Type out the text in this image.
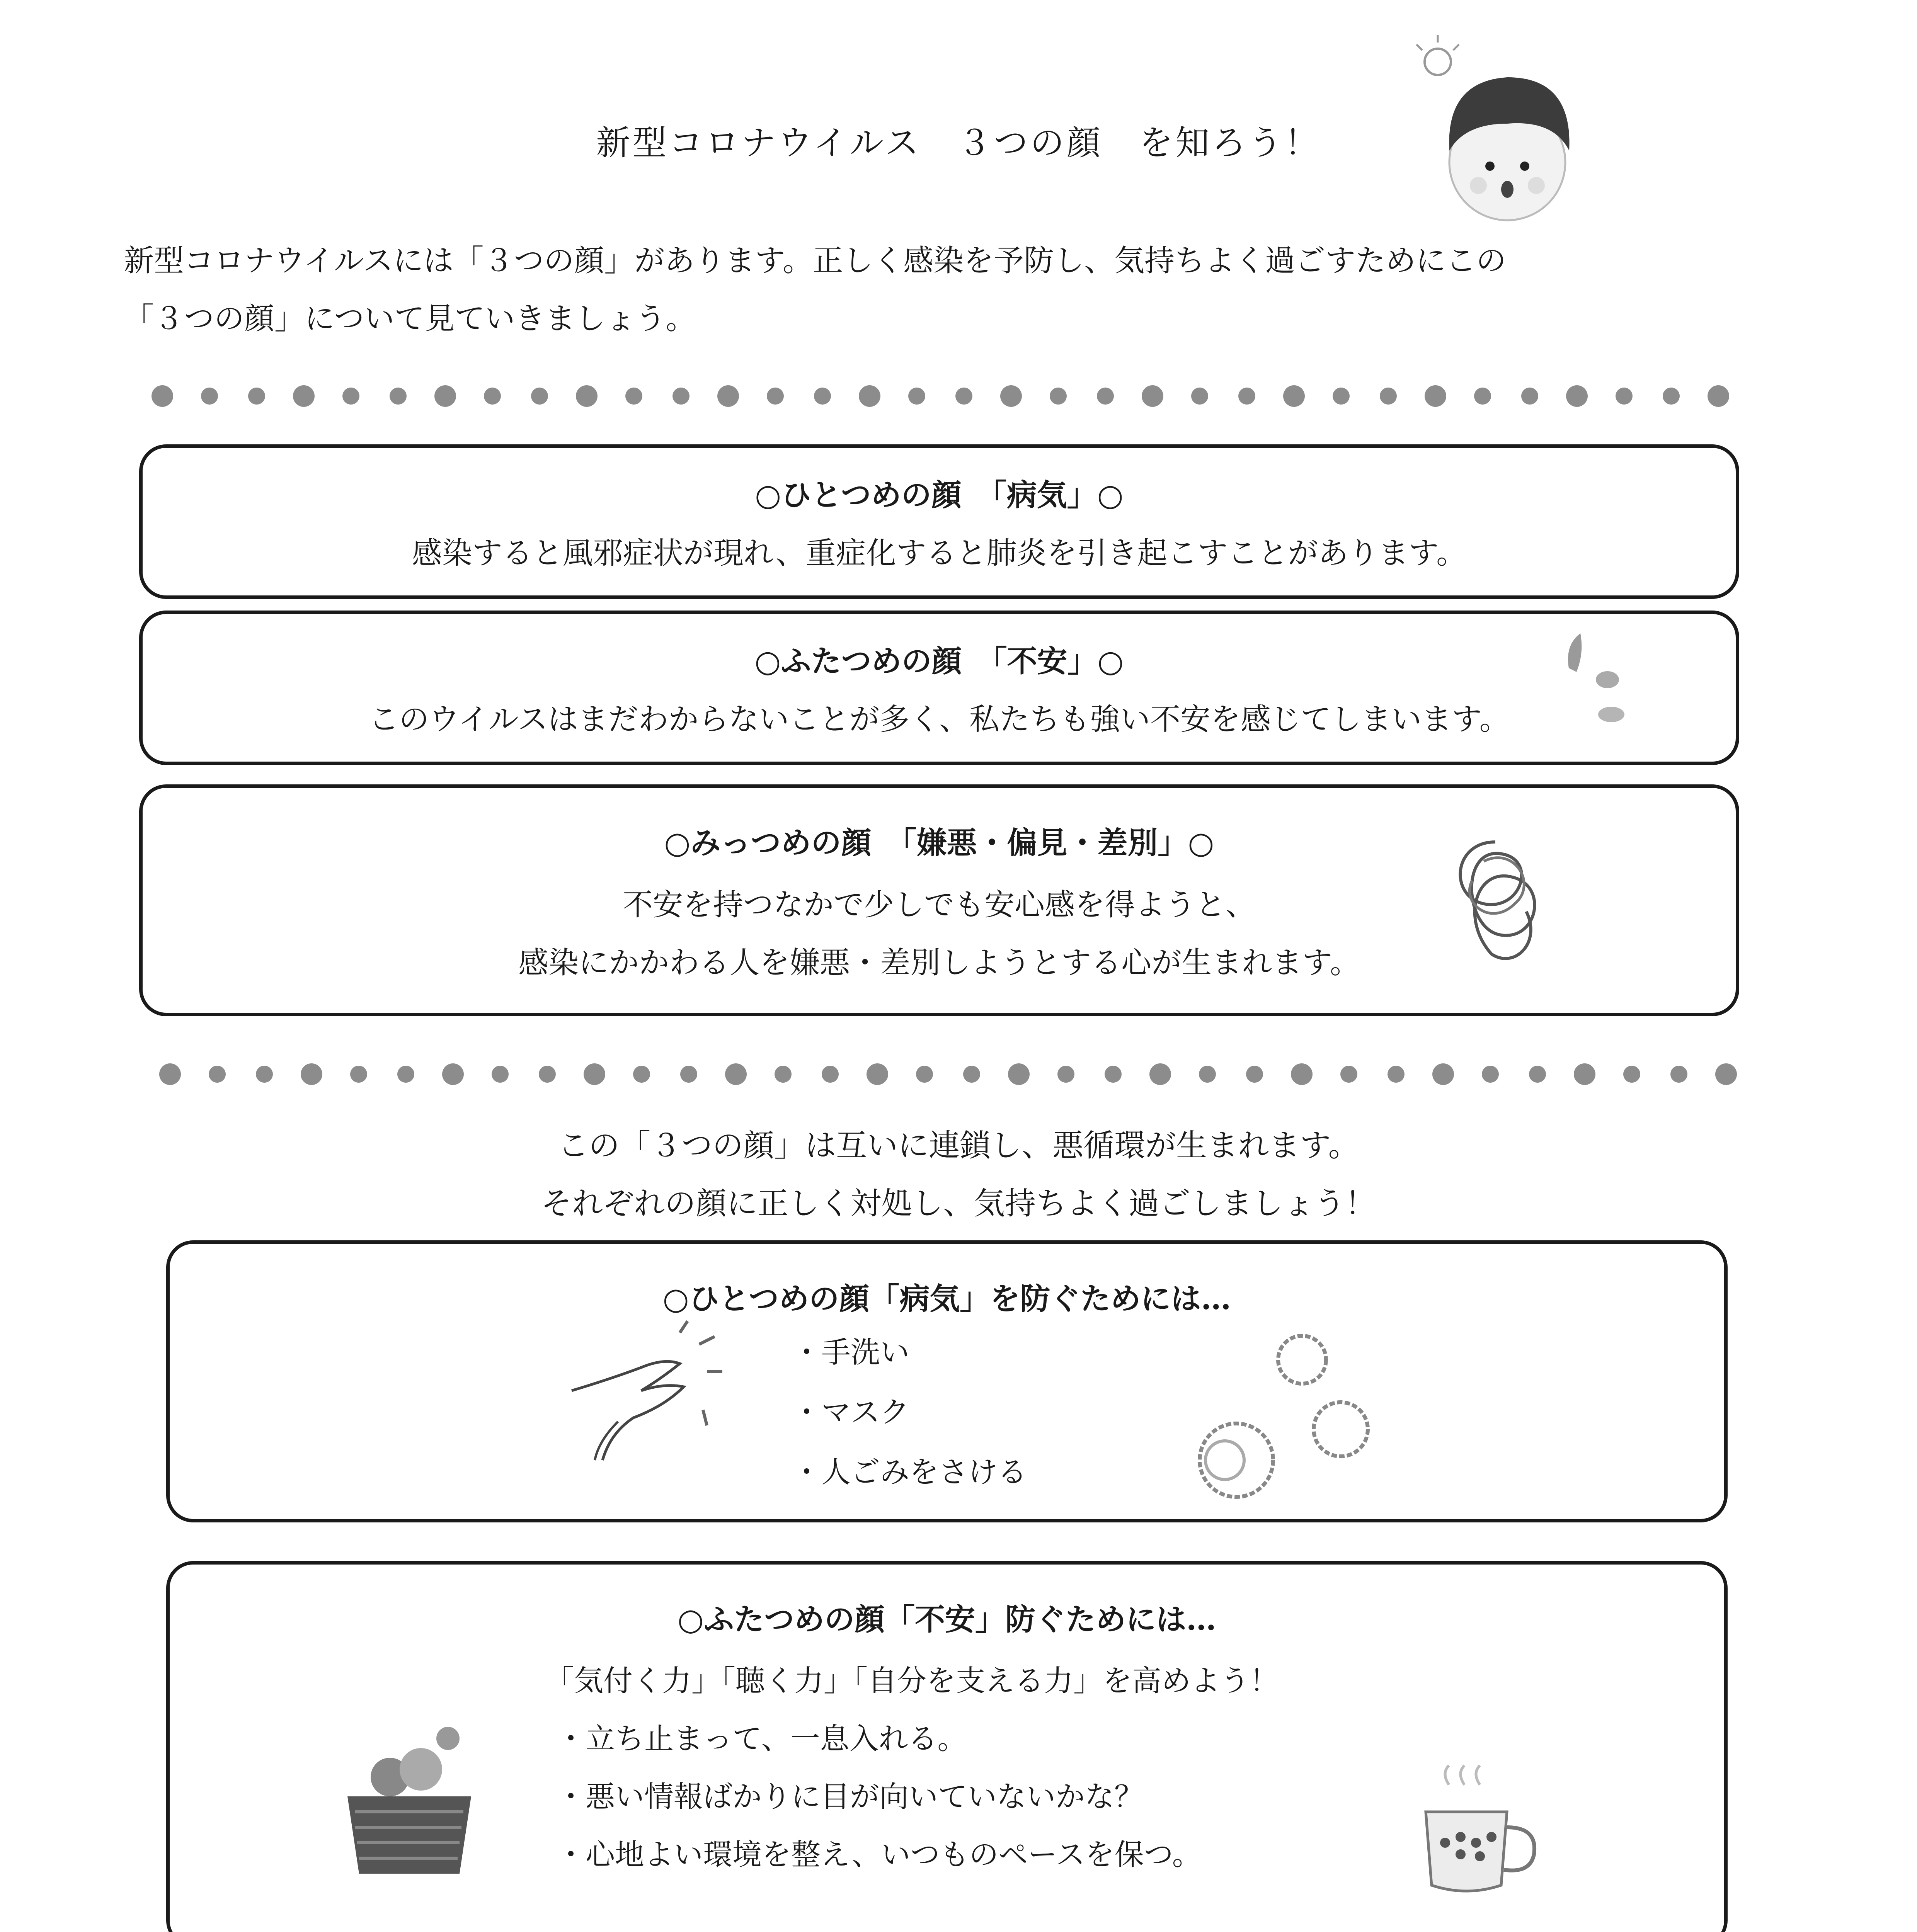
新型コロナウイルス　３つの顔　を知ろう！
新型コロナウイルスには「３つの顔」があります。正しく感染を予防し、気持ちよく過ごすためにこの
「３つの顔」について見ていきましょう。
○ひとつめの顔　「病気」○
感染すると風邪症状が現れ、重症化すると肺炎を引き起こすことがあります。
○ふたつめの顔　「不安」○
このウイルスはまだわからないことが多く、私たちも強い不安を感じてしまいます。
○みっつめの顔　「嫌悪・偏見・差別」○
不安を持つなかで少しでも安心感を得ようと、
感染にかかわる人を嫌悪・差別しようとする心が生まれます。
この「３つの顔」は互いに連鎖し、悪循環が生まれます。
それぞれの顔に正しく対処し、気持ちよく過ごしましょう！
○ひとつめの顔「病気」を防ぐためには…
・手洗い
・マスク
・人ごみをさける
○ふたつめの顔「不安」防ぐためには…
「気付く力」「聴く力」「自分を支える力」を高めよう！
・立ち止まって、一息入れる。
・悪い情報ばかりに目が向いていないかな？
・心地よい環境を整え、いつものペースを保つ。
